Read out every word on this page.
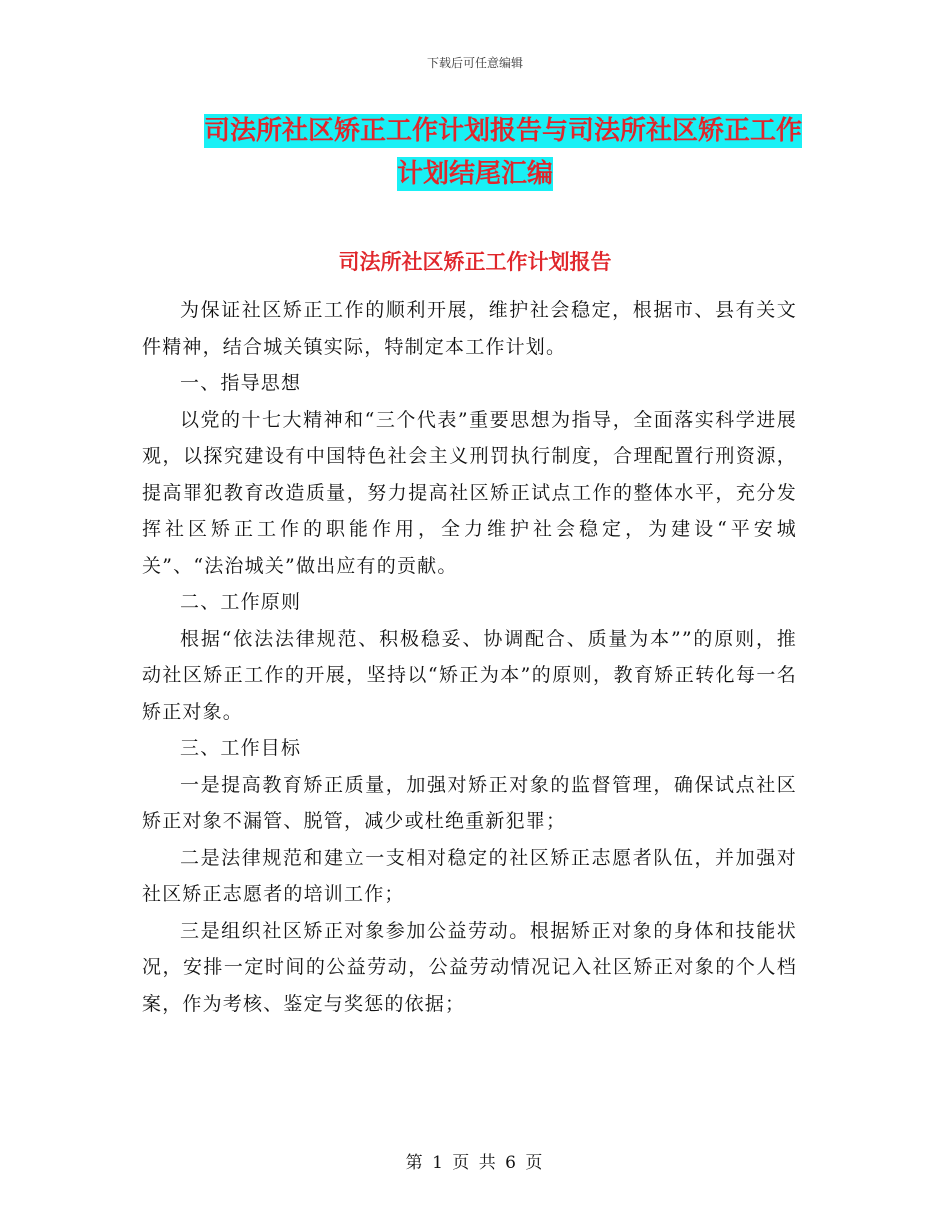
下载后可任意编辑
司法所社区矫正工作计划报告与司法所社区矫正工作
计划结尾汇编
司法所社区矫正工作计划报告

为保证社区矫正工作的顺利开展，维护社会稳定，根据市、县有关文件精神，结合城关镇实际，特制定本工作计划。

一、指导思想

以党的十七大精神和“三个代表”重要思想为指导，全面落实科学进展观，以探究建设有中国特色社会主义刑罚执行制度，合理配置行刑资源，提高罪犯教育改造质量，努力提高社区矫正试点工作的整体水平，充分发挥社区矫正工作的职能作用，全力维护社会稳定，为建设“平安城关”、“法治城关”做出应有的贡献。

二、工作原则

根据“依法法律规范、积极稳妥、协调配合、质量为本””的原则，推动社区矫正工作的开展，坚持以“矫正为本”的原则，教育矫正转化每一名矫正对象。

三、工作目标

一是提高教育矫正质量，加强对矫正对象的监督管理，确保试点社区矫正对象不漏管、脱管，减少或杜绝重新犯罪；

二是法律规范和建立一支相对稳定的社区矫正志愿者队伍，并加强对社区矫正志愿者的培训工作；

三是组织社区矫正对象参加公益劳动。根据矫正对象的身体和技能状况，安排一定时间的公益劳动，公益劳动情况记入社区矫正对象的个人档案，作为考核、鉴定与奖惩的依据；

第 1 页 共 6 页
